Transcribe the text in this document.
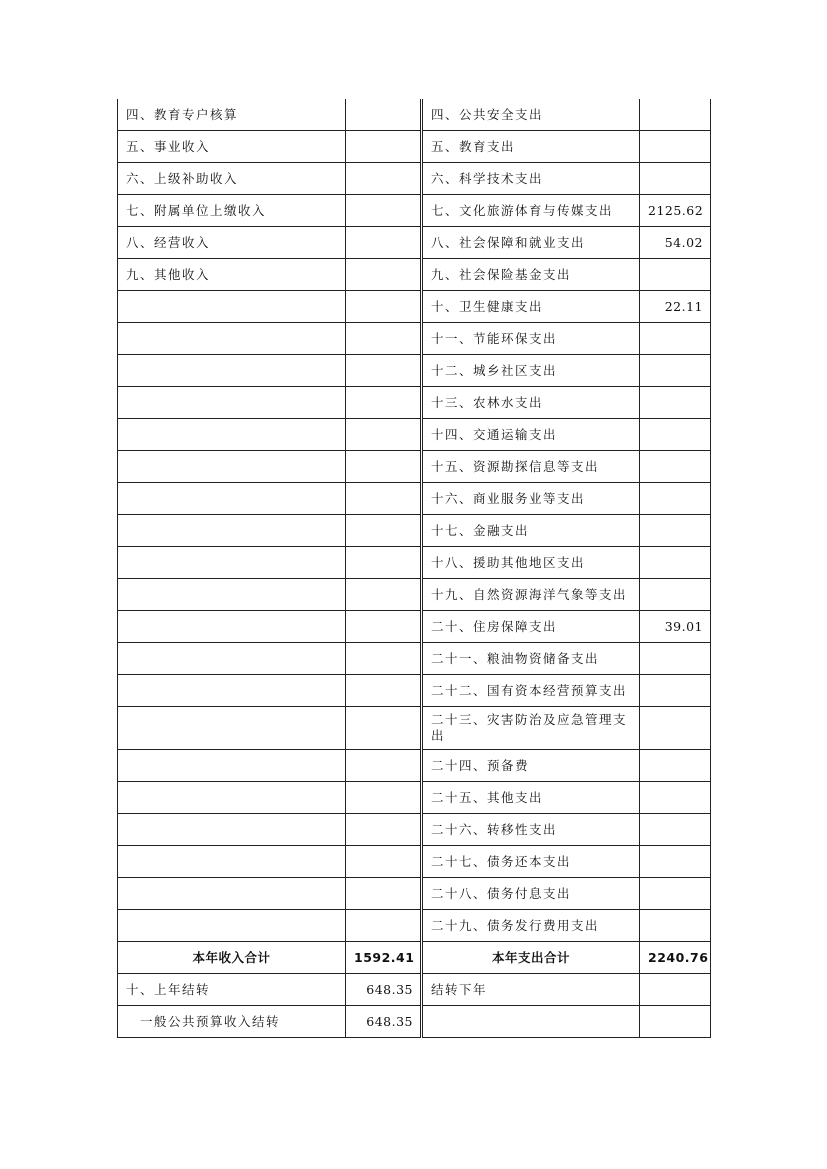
四、教育专户核算		四、公共安全支出	
五、事业收入		五、教育支出	
六、上级补助收入		六、科学技术支出	
七、附属单位上缴收入		七、文化旅游体育与传媒支出	2125.62
八、经营收入		八、社会保障和就业支出	54.02
九、其他收入		九、社会保险基金支出	
		十、卫生健康支出	22.11
		十一、节能环保支出	
		十二、城乡社区支出	
		十三、农林水支出	
		十四、交通运输支出	
		十五、资源勘探信息等支出	
		十六、商业服务业等支出	
		十七、金融支出	
		十八、援助其他地区支出	
		十九、自然资源海洋气象等支出	
		二十、住房保障支出	39.01
		二十一、粮油物资储备支出	
		二十二、国有资本经营预算支出	
		二十三、灾害防治及应急管理支出	
		二十四、预备费	
		二十五、其他支出	
		二十六、转移性支出	
		二十七、债务还本支出	
		二十八、债务付息支出	
		二十九、债务发行费用支出	
本年收入合计	1592.41	本年支出合计	2240.76
十、上年结转	648.35	结转下年	
一般公共预算收入结转	648.35		
